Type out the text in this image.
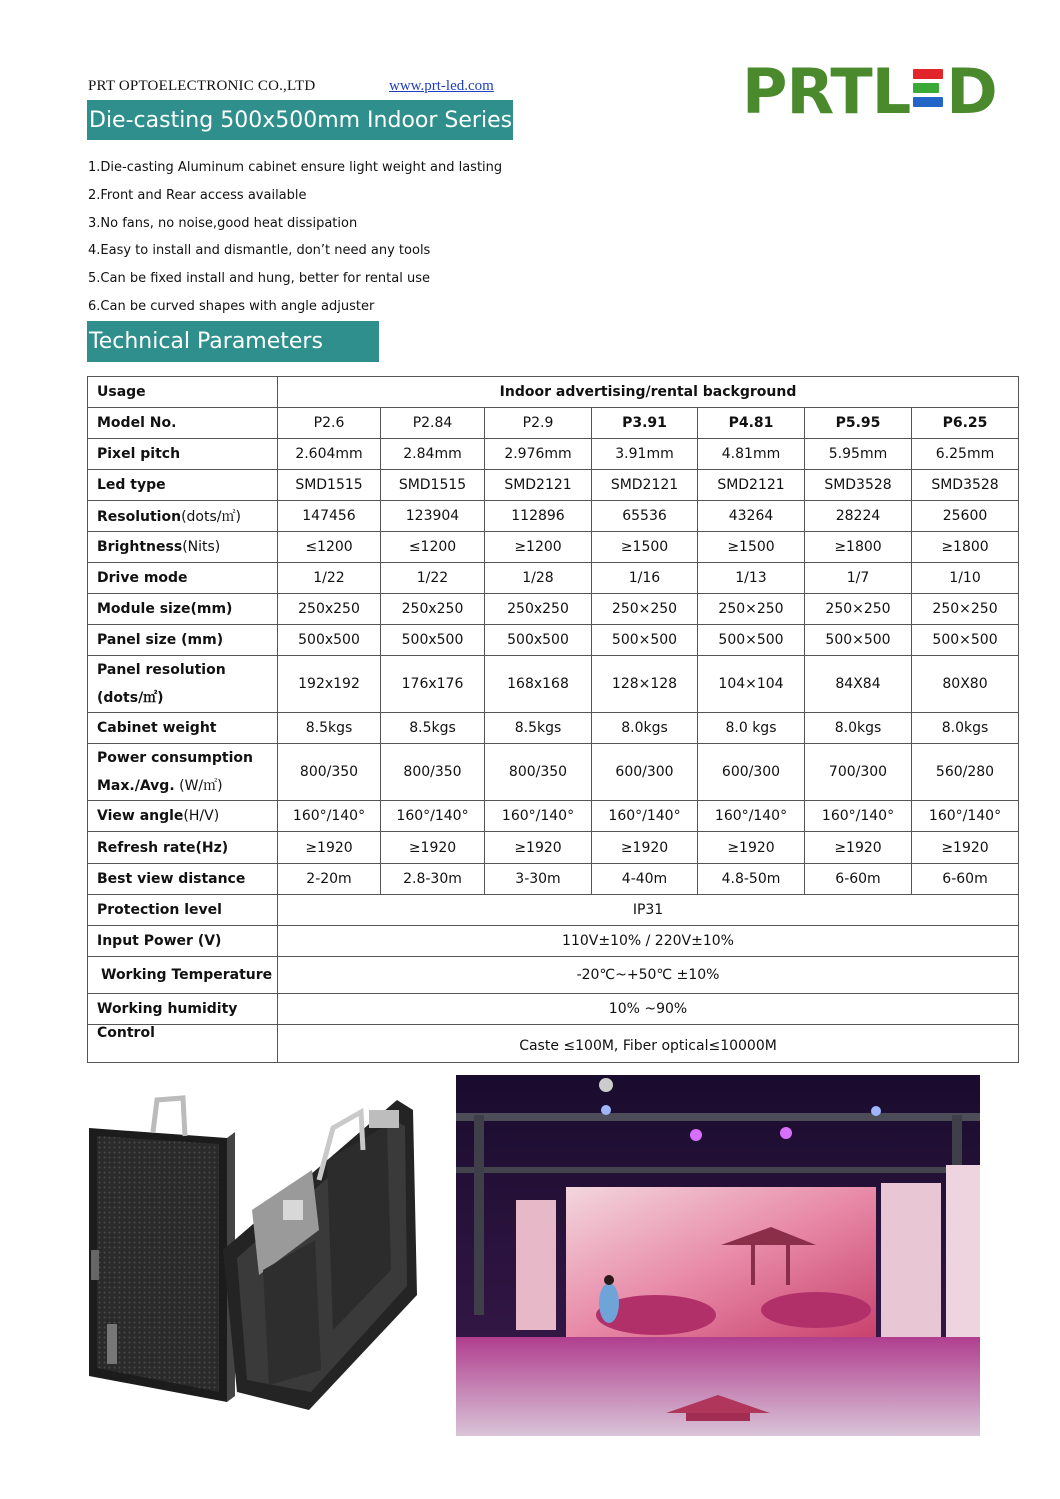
PRT OPTOELECTRONIC CO.,LTD	www.prt-led.com	PRTL D
Die-casting 500x500mm Indoor Series
1.Die-casting Aluminum cabinet ensure light weight and lasting
2.Front and Rear access available
3.No fans, no noise,good heat dissipation
4.Easy to install and dismantle, don’t need any tools
5.Can be fixed install and hung, better for rental use
6.Can be curved shapes with angle adjuster
Technical Parameters
Usage	Indoor advertising/rental background						
Model No.	P2.6	P2.84	P2.9	P3.91	P4.81	P5.95	P6.25
Pixel pitch	2.604mm	2.84mm	2.976mm	3.91mm	4.81mm	5.95mm	6.25mm
Led type	SMD1515	SMD1515	SMD2121	SMD2121	SMD2121	SMD3528	SMD3528
Resolution(dots/㎡)	147456	123904	112896	65536	43264	28224	25600
Brightness(Nits)	≤1200	≤1200	≥1200	≥1500	≥1500	≥1800	≥1800
Drive mode	1/22	1/22	1/28	1/16	1/13	1/7	1/10
Module size(mm)	250x250	250x250	250x250	250×250	250×250	250×250	250×250
Panel size (mm)	500x500	500x500	500x500	500×500	500×500	500×500	500×500
Panel resolution
(dots/㎡)	192x192	176x176	168x168	128×128	104×104	84X84	80X80
Cabinet weight	8.5kgs	8.5kgs	8.5kgs	8.0kgs	8.0 kgs	8.0kgs	8.0kgs
Power consumption
Max./Avg. (W/㎡)	800/350	800/350	800/350	600/300	600/300	700/300	560/280
View angle(H/V)	160°/140°	160°/140°	160°/140°	160°/140°	160°/140°	160°/140°	160°/140°
Refresh rate(Hz)	≥1920	≥1920	≥1920	≥1920	≥1920	≥1920	≥1920
Best view distance	2-20m	2.8-30m	3-30m	4-40m	4.8-50m	6-60m	6-60m
Protection level	IP31						
Input Power (V)	110V±10% / 220V±10%						
Working Temperature	-20℃~+50℃ ±10%						
Working humidity	10% ~90%						
Control	Caste ≤100M, Fiber optical≤10000M						
